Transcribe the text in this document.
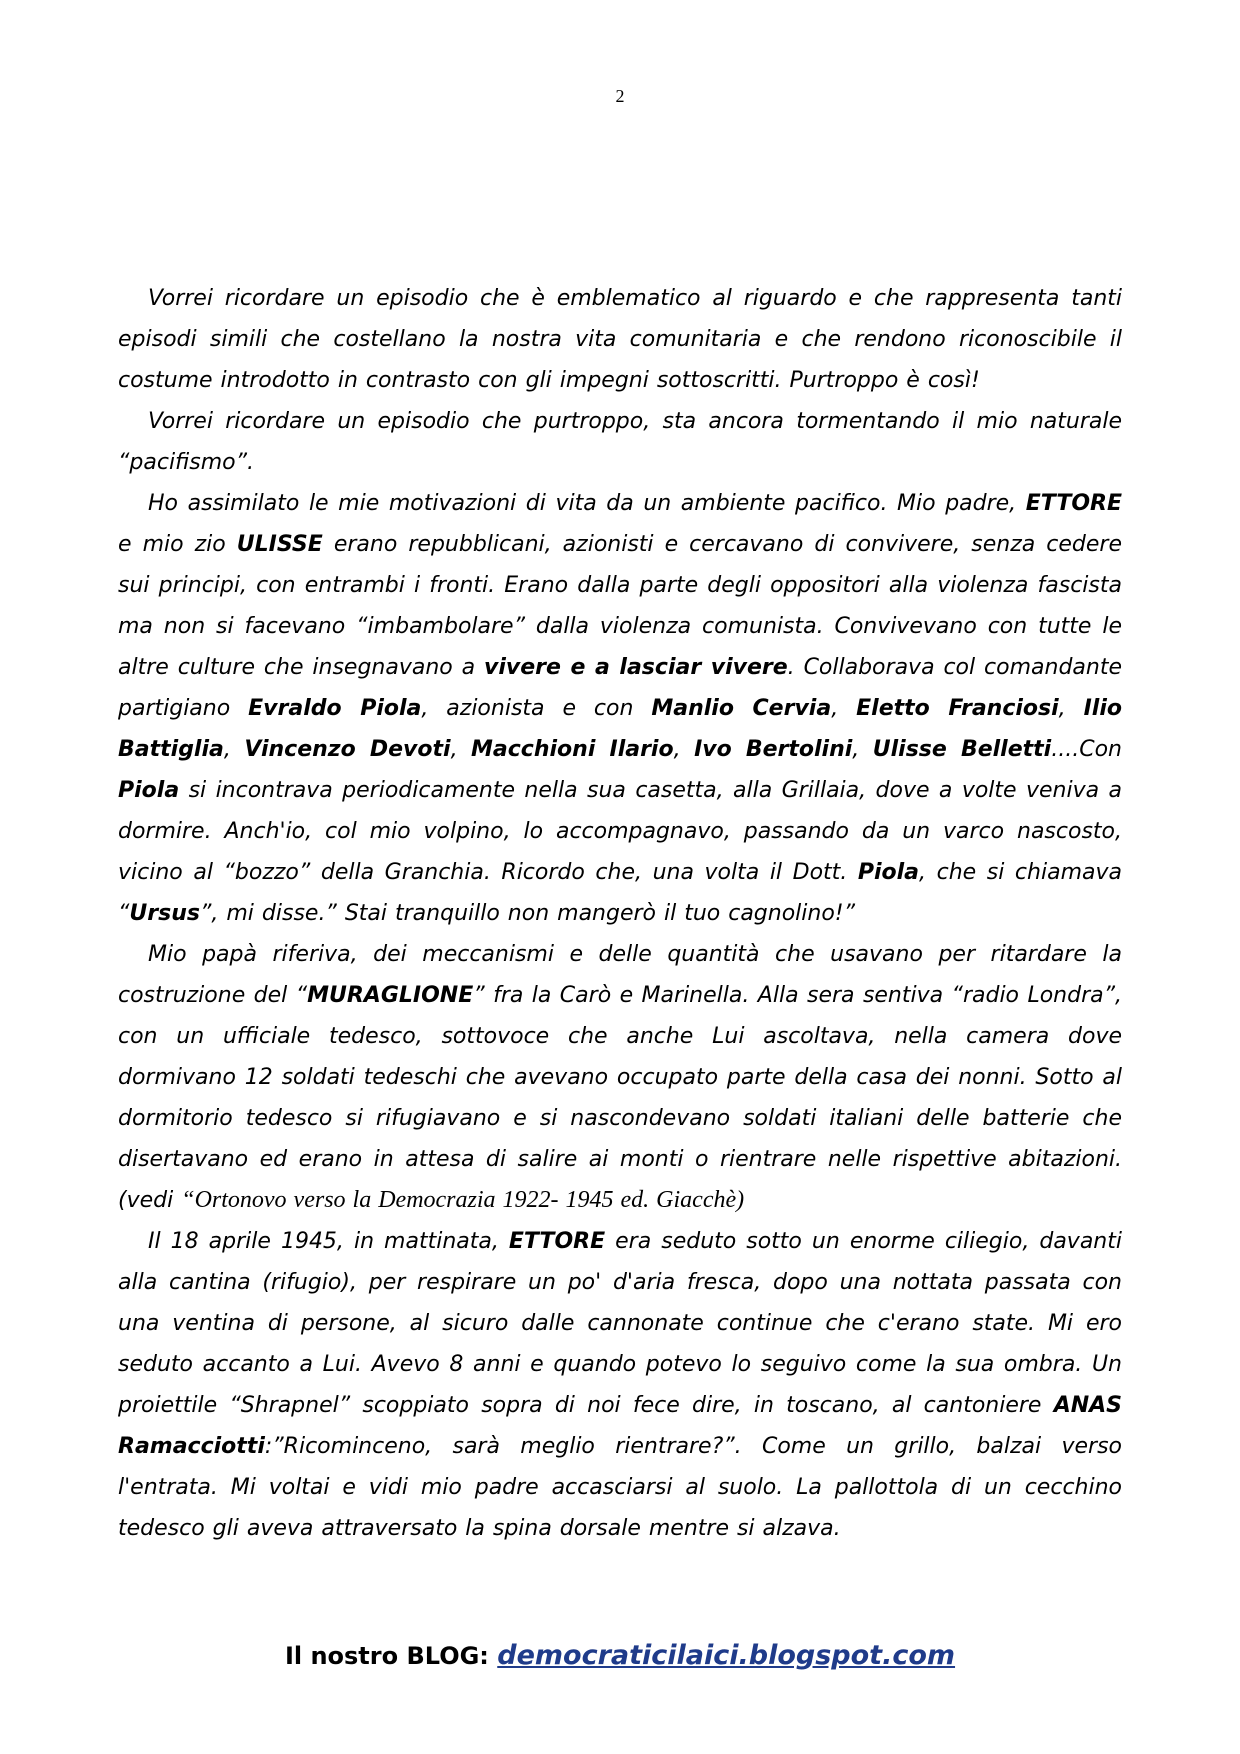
2

Vorrei ricordare un episodio che è emblematico al riguardo e che rappresenta tanti episodi simili che costellano la nostra vita comunitaria e che rendono riconoscibile il costume introdotto in contrasto con gli impegni sottoscritti. Purtroppo è così!

Vorrei ricordare un episodio che purtroppo, sta ancora tormentando il mio naturale “pacifismo”.

Ho assimilato le mie motivazioni di vita da un ambiente pacifico. Mio padre, ETTORE e mio zio ULISSE erano repubblicani, azionisti e cercavano di convivere, senza cedere sui principi, con entrambi i fronti. Erano dalla parte degli oppositori alla violenza fascista ma non si facevano “imbambolare” dalla violenza comunista. Convivevano con tutte le altre culture che insegnavano a vivere e a lasciar vivere. Collaborava col comandante partigiano Evraldo Piola, azionista e con Manlio Cervia, Eletto Franciosi, Ilio Battiglia, Vincenzo Devoti, Macchioni Ilario, Ivo Bertolini, Ulisse Belletti....Con Piola si incontrava periodicamente nella sua casetta, alla Grillaia, dove a volte veniva a dormire. Anch'io, col mio volpino, lo accompagnavo, passando da un varco nascosto, vicino al “bozzo” della Granchia. Ricordo che, una volta il Dott. Piola, che si chiamava “Ursus”, mi disse.” Stai tranquillo non mangerò il tuo cagnolino!”

Mio papà riferiva, dei meccanismi e delle quantità che usavano per ritardare la costruzione del “MURAGLIONE” fra la Carò e Marinella. Alla sera sentiva “radio Londra”, con un ufficiale tedesco, sottovoce che anche Lui ascoltava, nella camera dove dormivano 12 soldati tedeschi che avevano occupato parte della casa dei nonni. Sotto al dormitorio tedesco si rifugiavano e si nascondevano soldati italiani delle batterie che disertavano ed erano in attesa di salire ai monti o rientrare nelle rispettive abitazioni. (vedi “Ortonovo verso la Democrazia 1922- 1945 ed. Giacchè)

Il 18 aprile 1945, in mattinata, ETTORE era seduto sotto un enorme ciliegio, davanti alla cantina (rifugio), per respirare un po' d'aria fresca, dopo una nottata passata con una ventina di persone, al sicuro dalle cannonate continue che c'erano state. Mi ero seduto accanto a Lui. Avevo 8 anni e quando potevo lo seguivo come la sua ombra. Un proiettile “Shrapnel” scoppiato sopra di noi fece dire, in toscano, al cantoniere ANAS Ramacciotti:”Ricominceno, sarà meglio rientrare?”. Come un grillo, balzai verso l'entrata. Mi voltai e vidi mio padre accasciarsi al suolo. La pallottola di un cecchino tedesco gli aveva attraversato la spina dorsale mentre si alzava.

Il nostro BLOG: democraticilaici.blogspot.com
